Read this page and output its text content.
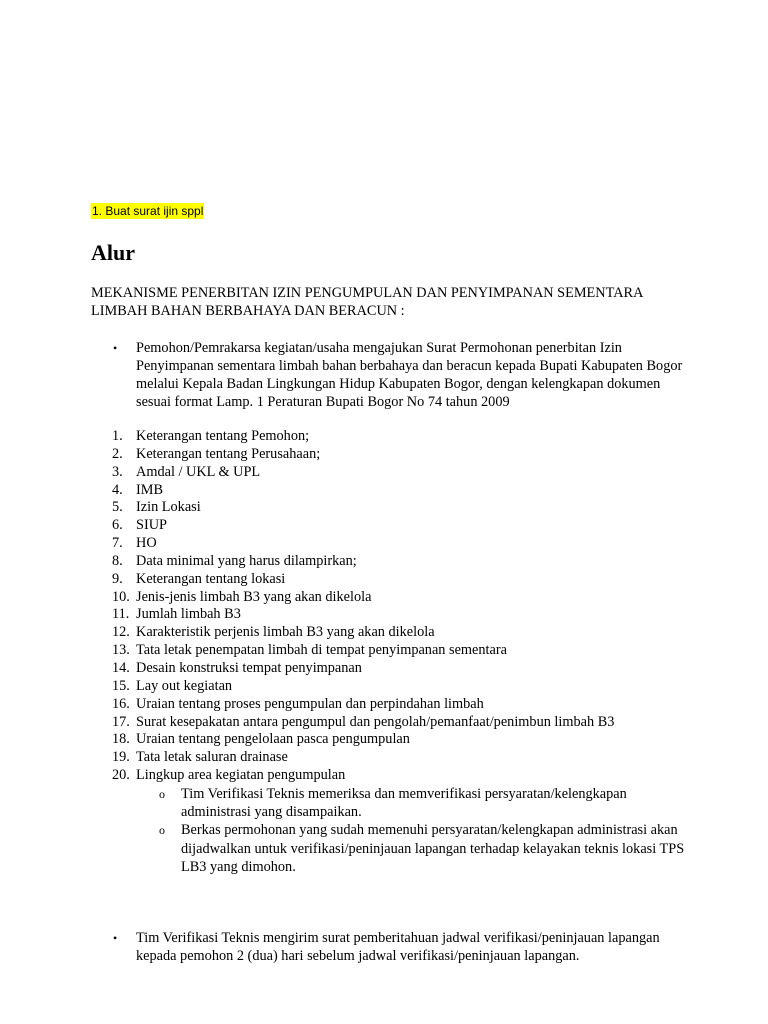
1. Buat surat ijin sppl
Alur

MEKANISME PENERBITAN IZIN PENGUMPULAN DAN PENYIMPANAN SEMENTARA LIMBAH BAHAN BERBAHAYA DAN BERACUN :

• Pemohon/Pemrakarsa kegiatan/usaha mengajukan Surat Permohonan penerbitan Izin Penyimpanan sementara limbah bahan berbahaya dan beracun kepada Bupati Kabupaten Bogor melalui Kepala Badan Lingkungan Hidup Kabupaten Bogor, dengan kelengkapan dokumen sesuai format Lamp. 1 Peraturan Bupati Bogor No 74 tahun 2009
1. Keterangan tentang Pemohon;
2. Keterangan tentang Perusahaan;
3. Amdal / UKL & UPL
4. IMB
5. Izin Lokasi
6. SIUP
7. HO
8. Data minimal yang harus dilampirkan;
9. Keterangan tentang lokasi
10. Jenis-jenis limbah B3 yang akan dikelola
11. Jumlah limbah B3
12. Karakteristik perjenis limbah B3 yang akan dikelola
13. Tata letak penempatan limbah di tempat penyimpanan sementara
14. Desain konstruksi tempat penyimpanan
15. Lay out kegiatan
16. Uraian tentang proses pengumpulan dan perpindahan limbah
17. Surat kesepakatan antara pengumpul dan pengolah/pemanfaat/penimbun limbah B3
18. Uraian tentang pengelolaan pasca pengumpulan
19. Tata letak saluran drainase
20. Lingkup area kegiatan pengumpulan
o Tim Verifikasi Teknis memeriksa dan memverifikasi persyaratan/kelengkapan administrasi yang disampaikan.
o Berkas permohonan yang sudah memenuhi persyaratan/kelengkapan administrasi akan dijadwalkan untuk verifikasi/peninjauan lapangan terhadap kelayakan teknis lokasi TPS LB3 yang dimohon.
• Tim Verifikasi Teknis mengirim surat pemberitahuan jadwal verifikasi/peninjauan lapangan kepada pemohon 2 (dua) hari sebelum jadwal verifikasi/peninjauan lapangan.
